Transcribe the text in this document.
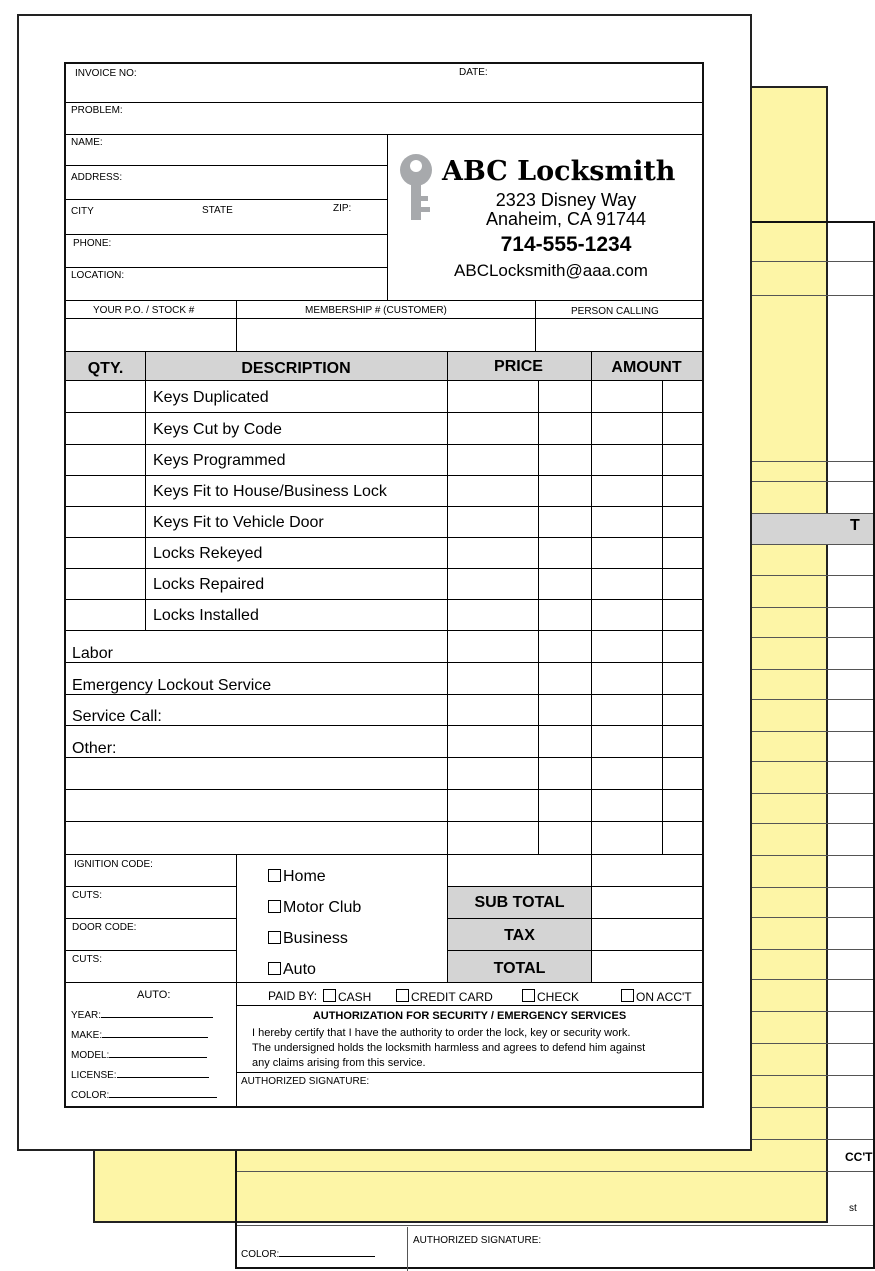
T
CC'T
st
COLOR:
AUTHORIZED SIGNATURE:
INVOICE NO:	DATE:
PROBLEM:
NAME:
ADDRESS:
CITY	STATE	ZIP:
PHONE:
LOCATION:
ABC Locksmith
2323 Disney Way
Anaheim, CA 91744
714-555-1234
ABCLocksmith@aaa.com
YOUR P.O. / STOCK #	MEMBERSHIP # (CUSTOMER)	PERSON CALLING
QTY.	DESCRIPTION	PRICE	AMOUNT
Keys Duplicated
Keys Cut by Code
Keys Programmed
Keys Fit to House/Business Lock
Keys Fit to Vehicle Door
Locks Rekeyed
Locks Repaired
Locks Installed
Labor
Emergency Lockout Service
Service Call:
Other:
IGNITION CODE:
CUTS:
DOOR CODE:
CUTS:
Home
Motor Club
Business
Auto
SUB TOTAL
TAX
TOTAL
AUTO:
YEAR:
MAKE:
MODEL:
LICENSE:
COLOR:
PAID BY:	CASH	CREDIT CARD	CHECK	ON ACC'T
AUTHORIZATION FOR SECURITY / EMERGENCY SERVICES
I hereby certify that I have the authority to order the lock, key or security work.
The undersigned holds the locksmith harmless and agrees to defend him against
any claims arising from this service.
AUTHORIZED SIGNATURE:
